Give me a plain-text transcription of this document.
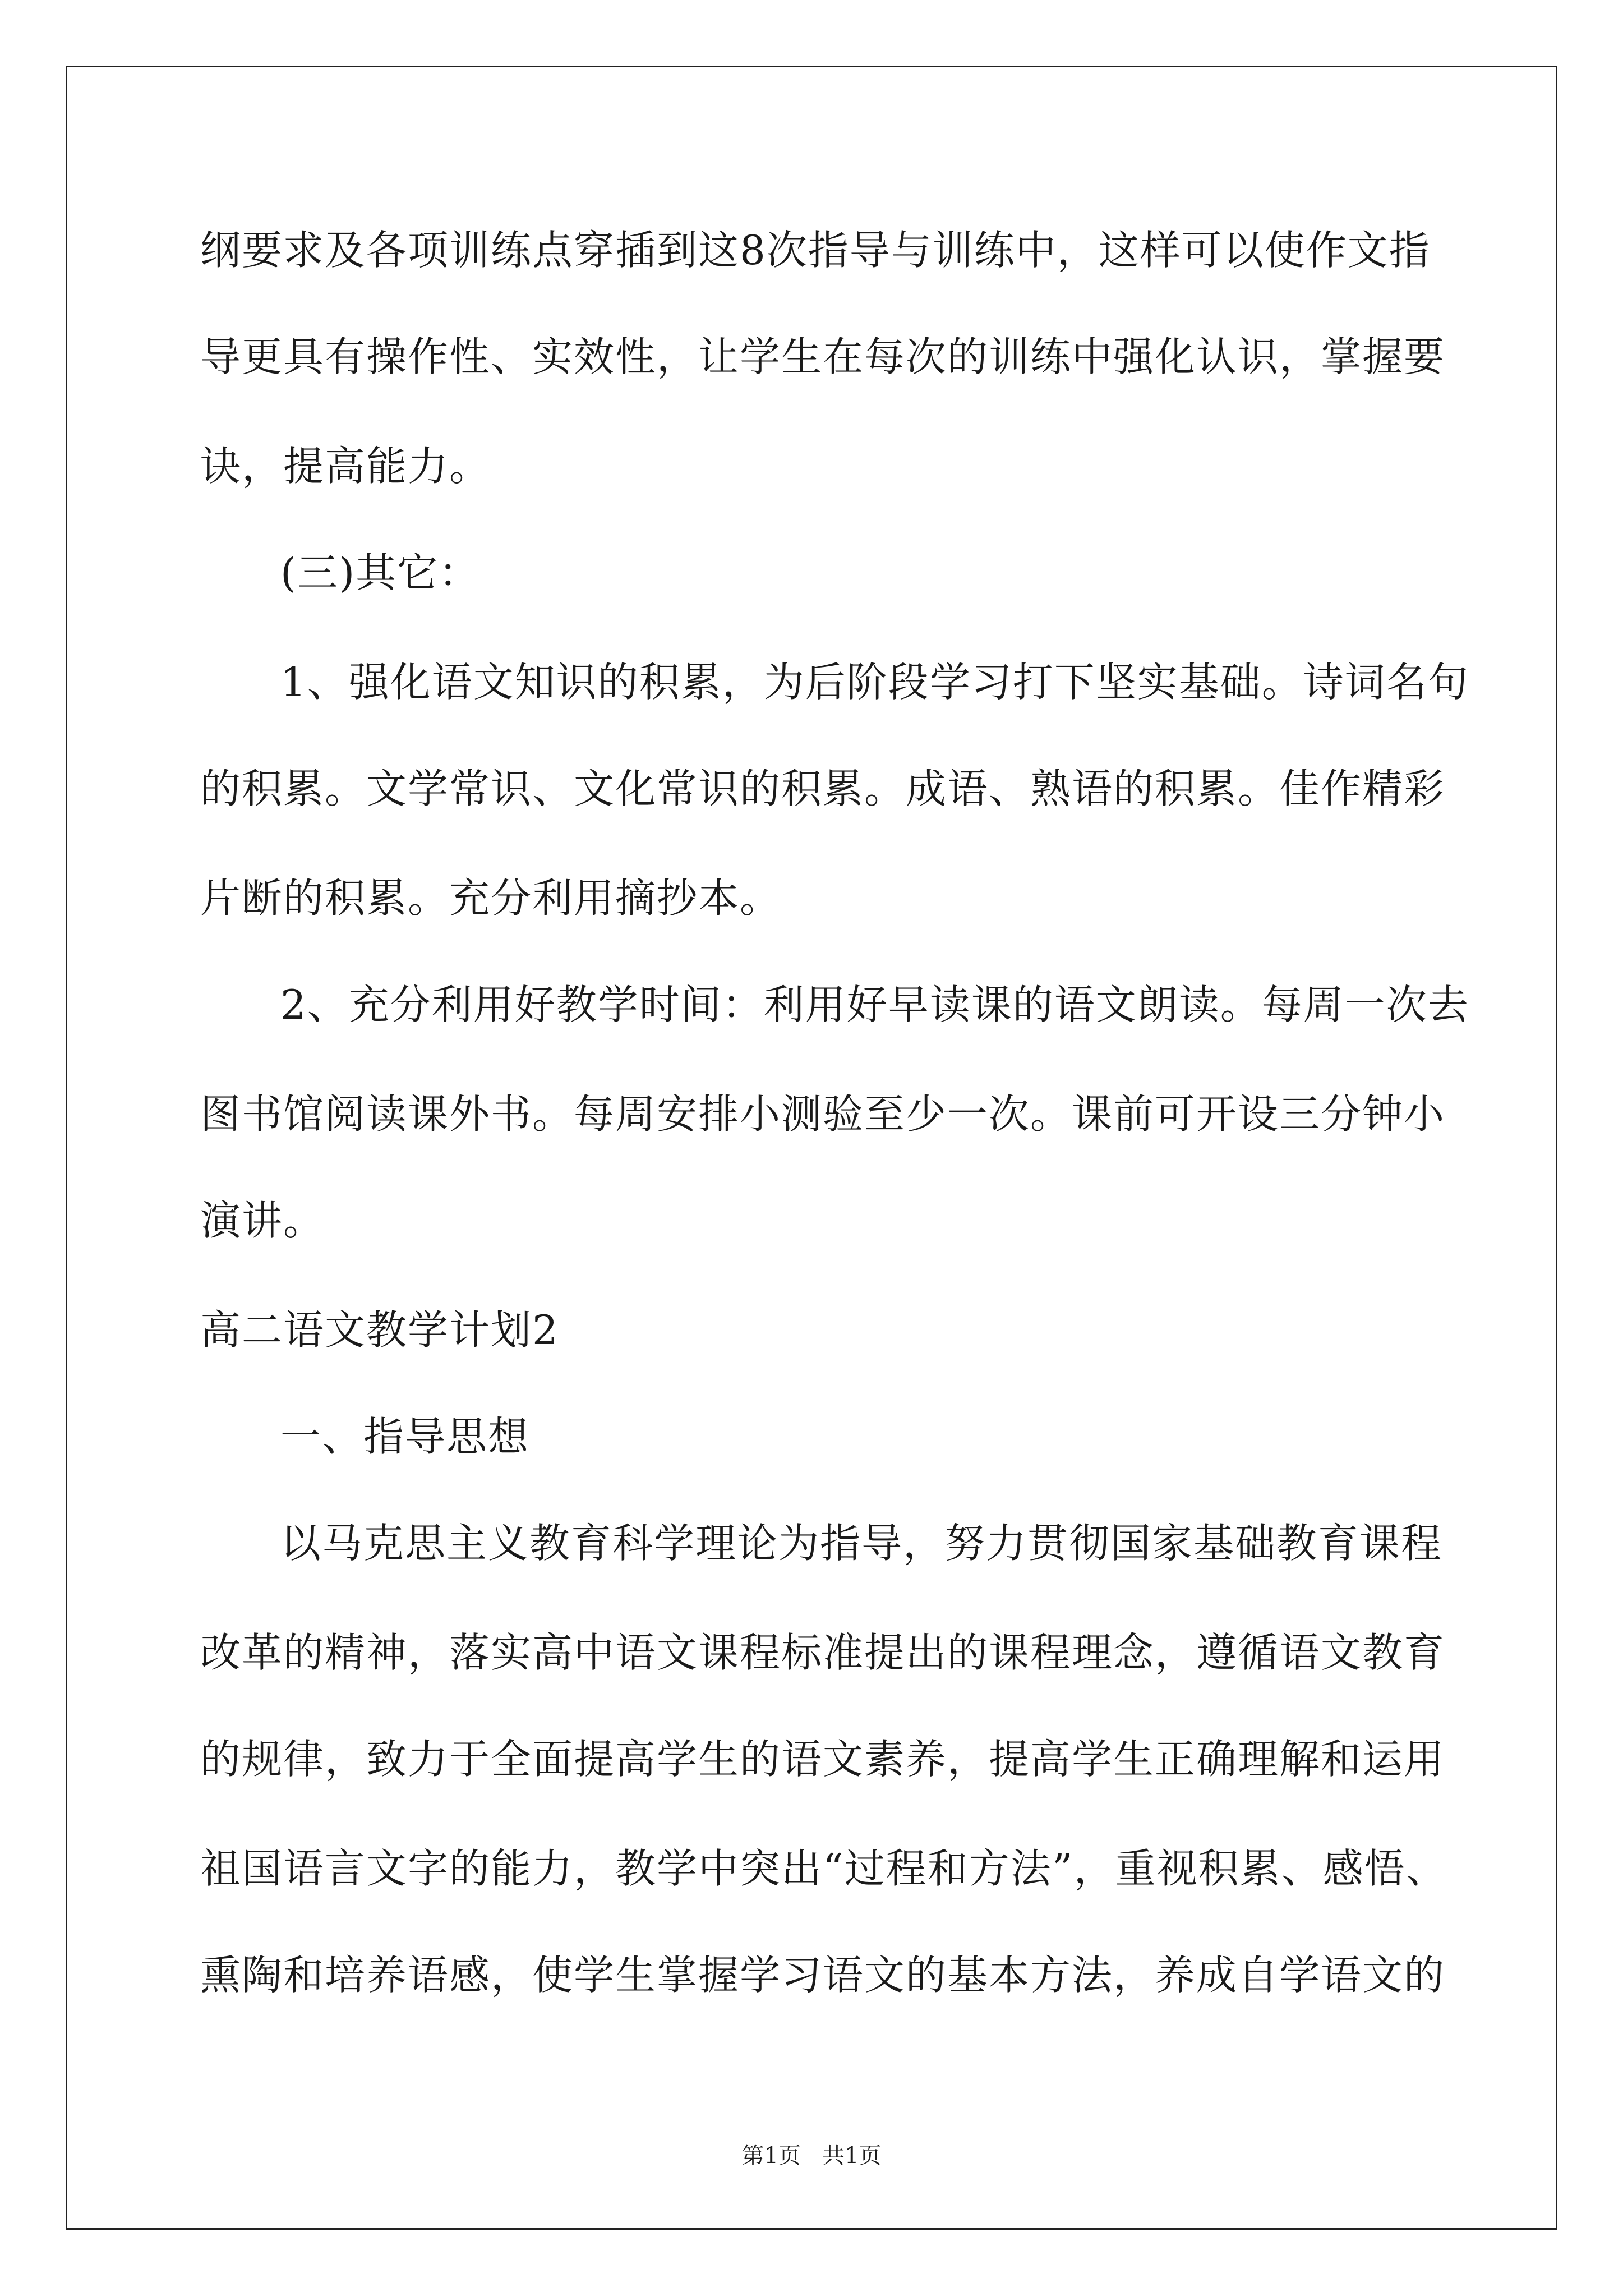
纲要求及各项训练点穿插到这8次指导与训练中，这样可以使作文指

导更具有操作性、实效性，让学生在每次的训练中强化认识，掌握要

诀，提高能力。

(三)其它：

1、强化语文知识的积累，为后阶段学习打下坚实基础。诗词名句

的积累。文学常识、文化常识的积累。成语、熟语的积累。佳作精彩

片断的积累。充分利用摘抄本。

2、充分利用好教学时间：利用好早读课的语文朗读。每周一次去

图书馆阅读课外书。每周安排小测验至少一次。课前可开设三分钟小

演讲。

高二语文教学计划2

一、指导思想

以马克思主义教育科学理论为指导，努力贯彻国家基础教育课程

改革的精神，落实高中语文课程标准提出的课程理念，遵循语文教育

的规律，致力于全面提高学生的语文素养，提高学生正确理解和运用

祖国语言文字的能力，教学中突出“过程和方法”，重视积累、感悟、

熏陶和培养语感，使学生掌握学习语文的基本方法，养成自学语文的

第1页   共1页
